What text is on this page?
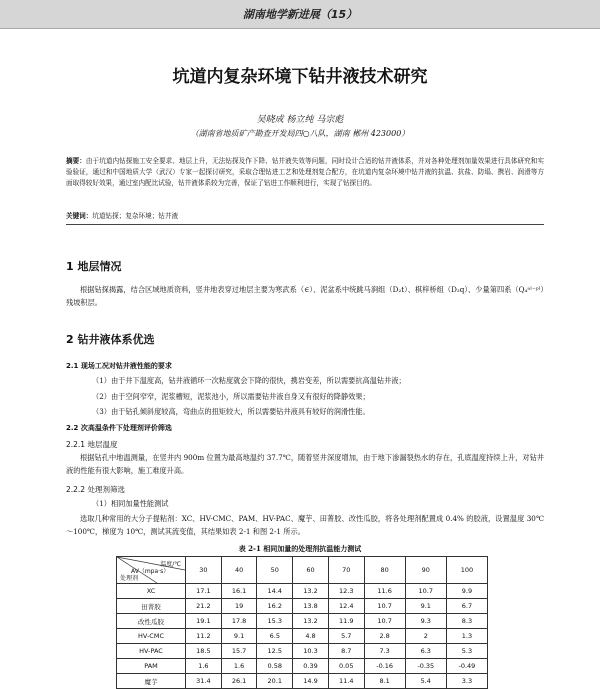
湖南地学新进展（15）
坑道内复杂环境下钻井液技术研究
吴晓成 杨立纯 马宗彪
（湖南省地质矿产勘查开发局四○八队，湖南 郴州 423000）
摘要：由于坑道内钻探施工安全要求、地层上升，无法钻探及作下降、钻井液失效等问题，同时设计合适的钻井液体系，并对各种处理剂加量效果进行具体研究和实验验证，通过和中国地质大学（武汉）专家一起探讨研究，采取合理钻进工艺和处理剂复合配方，在坑道内复杂环境中钻井液的抗温、抗盐、防塌、携岩、润滑等方面取得较好效果，通过室内配比试验，钻井液体系较为完善，保证了钻进工作顺利进行，实现了钻探目的。
关键词：坑道钻探；复杂环境；钻井液
1 地层情况
根据钻探揭露，结合区域地质资料，竖井地表穿过地层主要为寒武系（∈）、泥盆系中统跳马涧组（D₂t）、棋梓桥组（D₂q）、少量第四系（Q₄ᵃˡ⁻ᵖˡ）残坡积层。
2 钻井液体系优选
2.1 现场工况对钻井液性能的要求
（1）由于井下温度高，钻井液循环一次粘度就会下降的很快，携岩变差，所以需要抗高温钻井液；
（2）由于空间窄窄，泥浆槽短，泥浆池小，所以需要钻井液自身又有很好的降静效果；
（3）由于钻孔倾斜度较高，弯曲点的扭矩较大，所以需要钻井液具有较好的润滑性能。
2.2 次高温条件下处理剂评价筛选
2.2.1 地层温度
根据钻孔中地温测量，在竖井内 900m 位置为最高地温约 37.7℃，随着竖井深度增加，由于地下渗漏裂热水的存在，孔底温度持续上升，对钻井液的性能有很大影响，施工难度升高。
2.2.2 处理剂筛选
（1）相同加量性能测试
选取几种常用的大分子提粘剂：XC、HV-CMC、PAM、HV-PAC、魔芋、田菁胶、改性瓜胶，将各处理剂配置成 0.4% 的胶液，设置温度 30℃～100℃，梯度为 10℃，测试其流变值，其结果如表 2-1 和图 2-1 所示。
表 2-1 相同加量的处理剂抗温能力测试
温度/℃
AV（mpa·s）
处理剂	30	40	50	60	70	80	90	100
XC	17.1	16.1	14.4	13.2	12.3	11.6	10.7	9.9
田菁胶	21.2	19	16.2	13.8	12.4	10.7	9.1	6.7
改性瓜胶	19.1	17.8	15.3	13.2	11.9	10.7	9.3	8.3
HV-CMC	11.2	9.1	6.5	4.8	5.7	2.8	2	1.3
HV-PAC	18.5	15.7	12.5	10.3	8.7	7.3	6.3	5.3
PAM	1.6	1.6	0.58	0.39	0.05	-0.16	-0.35	-0.49
魔芋	31.4	26.1	20.1	14.9	11.4	8.1	5.4	3.3
